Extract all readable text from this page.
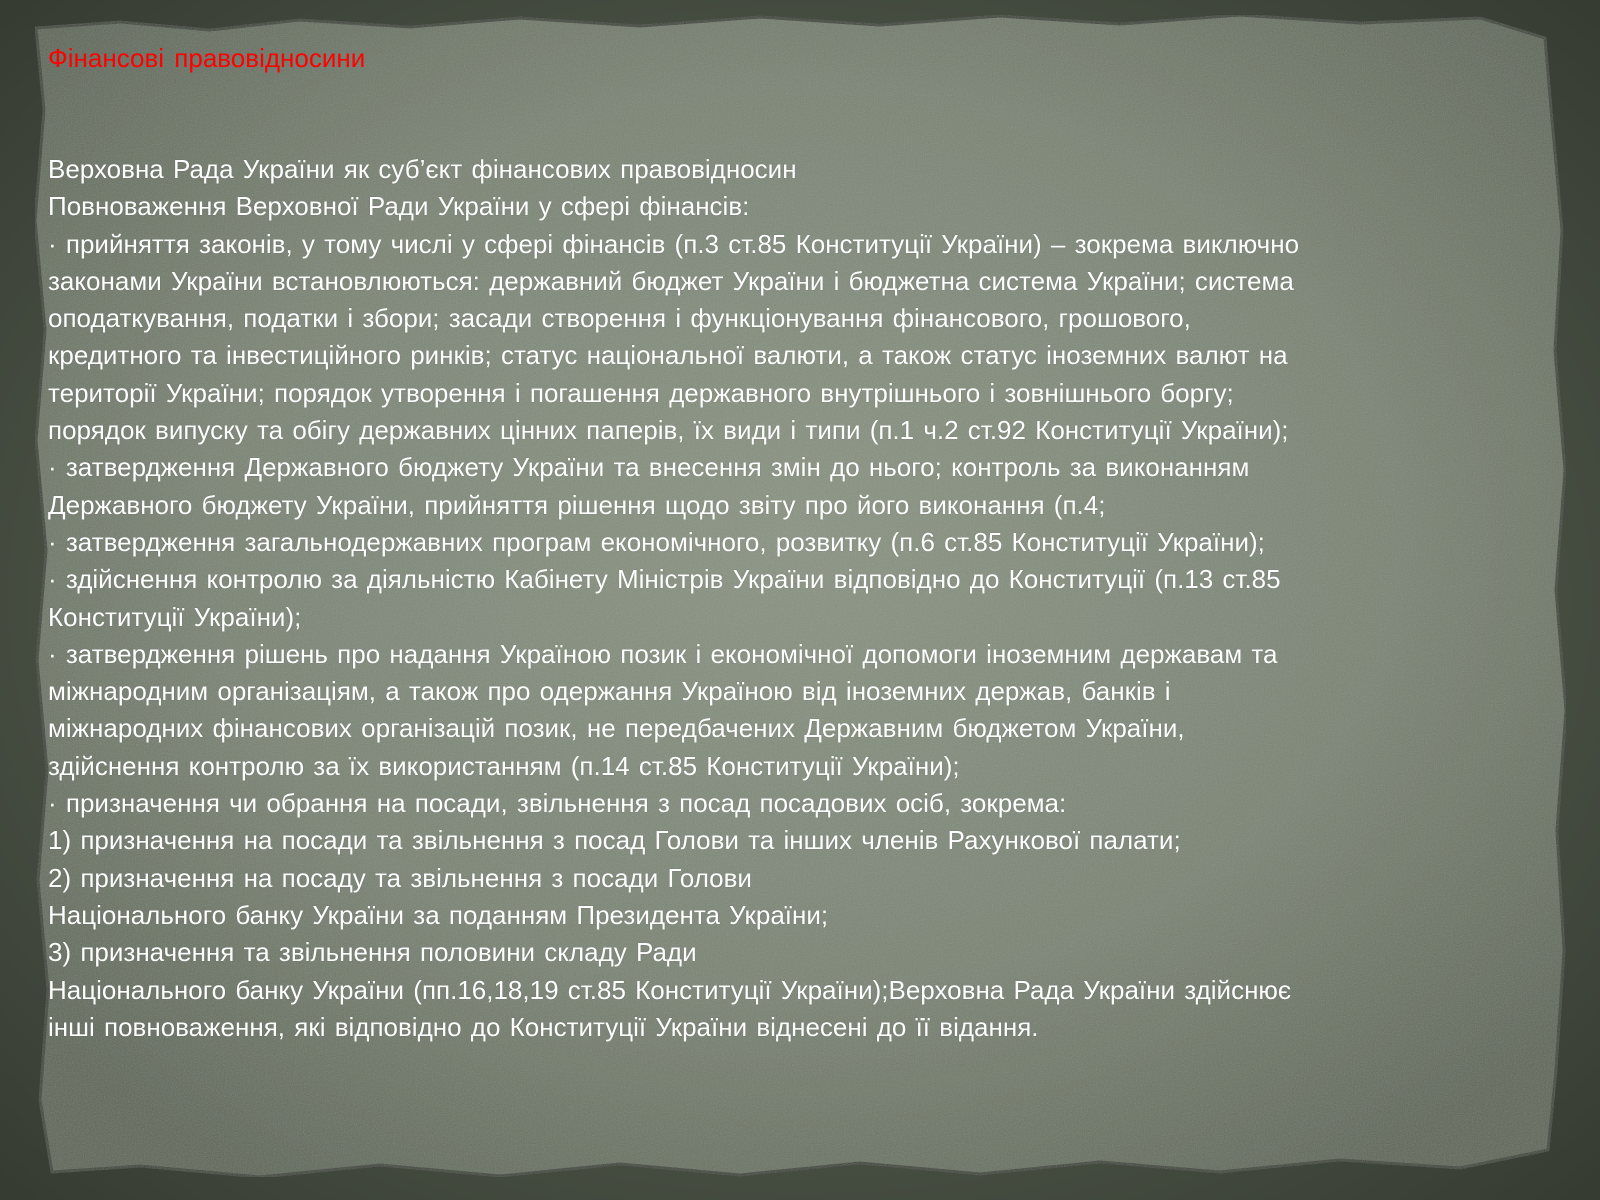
Фінансові правовідносини

Верховна Рада України як суб’єкт фінансових правовідносин

Повноваження Верховної Ради України у сфері фінансів:

· прийняття законів, у тому числі у сфері фінансів (п.3 ст.85 Конституції України) – зокрема виключно

законами України встановлюються: державний бюджет України і бюджетна система України; система

оподаткування, податки і збори; засади створення і функціонування фінансового, грошового,

кредитного та інвестиційного ринків; статус національної валюти, а також статус іноземних валют на

території України; порядок утворення і погашення державного внутрішнього і зовнішнього боргу;

порядок випуску та обігу державних цінних паперів, їх види і типи (п.1 ч.2 ст.92 Конституції України);

· затвердження Державного бюджету України та внесення змін до нього; контроль за виконанням

Державного бюджету України, прийняття рішення щодо звіту про його виконання (п.4;

· затвердження загальнодержавних програм економічного, розвитку (п.6 ст.85 Конституції України);

· здійснення контролю за діяльністю Кабінету Міністрів України відповідно до Конституції (п.13 ст.85

Конституції України);

· затвердження рішень про надання Україною позик і економічної допомоги іноземним державам та

міжнародним організаціям, а також про одержання Україною від іноземних держав, банків і

міжнародних фінансових організацій позик, не передбачених Державним бюджетом України,

здійснення контролю за їх використанням (п.14 ст.85 Конституції України);

· призначення чи обрання на посади, звільнення з посад посадових осіб, зокрема:

1) призначення на посади та звільнення з посад Голови та інших членів Рахункової палати;

2) призначення на посаду та звільнення з посади Голови

Національного банку України за поданням Президента України;

3) призначення та звільнення половини складу Ради

Національного банку України (пп.16,18,19 ст.85 Конституції України);Верховна Рада України здійснює

інші повноваження, які відповідно до Конституції України віднесені до її відання.
